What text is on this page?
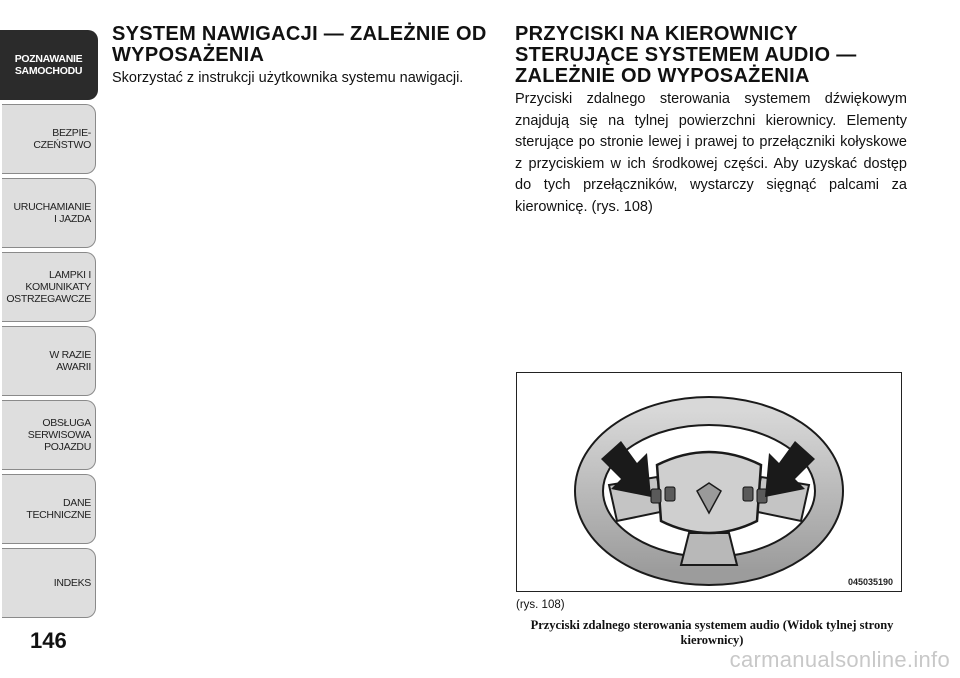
POZNAWANIE
SAMOCHODU
BEZPIE-
CZEŃSTWO
URUCHAMIANIE
I JAZDA
LAMPKI I
KOMUNIKATY
OSTRZEGAWCZE
W RAZIE
AWARII
OBSŁUGA
SERWISOWA
POJAZDU
DANE
TECHNICZNE
INDEKS
146
SYSTEM NAWIGACJI — ZALEŻNIE OD WYPOSAŻENIA

Skorzystać z instrukcji użytkownika systemu nawigacji.

PRZYCISKI NA KIEROWNICY STERUJĄCE SYSTEMEM AUDIO — ZALEŻNIE OD WYPOSAŻENIA

Przyciski zdalnego sterowania systemem dźwiękowym znajdują się na tylnej powierzchni kierownicy. Elementy sterujące po stronie lewej i prawej to przełączniki kołyskowe z przyciskiem w ich środkowej części. Aby uzyskać dostęp do tych przełączników, wystarczy sięgnąć palcami za kierownicę. (rys. 108)

045035190
(rys. 108)
Przyciski zdalnego sterowania systemem audio (Widok tylnej strony kierownicy)
carmanualsonline.info
